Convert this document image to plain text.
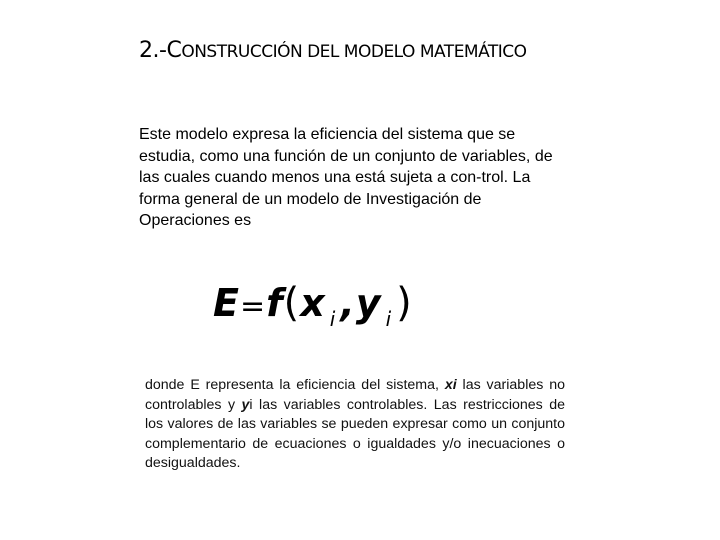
2.-CONSTRUCCIÓN DEL MODELO MATEMÁTICO
Este modelo expresa la eficiencia del sistema que se estudia, como una función de un conjunto de variables, de las cuales cuando menos una está sujeta a con-trol. La forma general de un modelo de Investigación de Operaciones es
E=f(x $_i$ ,y $_i$ )
donde E representa la eficiencia del sistema, xi las variables no controlables y yi las variables controlables. Las restricciones de los valores de las variables se pueden expresar como un conjunto complementario de ecuaciones o igualdades y/o inecuaciones o desigualdades.
